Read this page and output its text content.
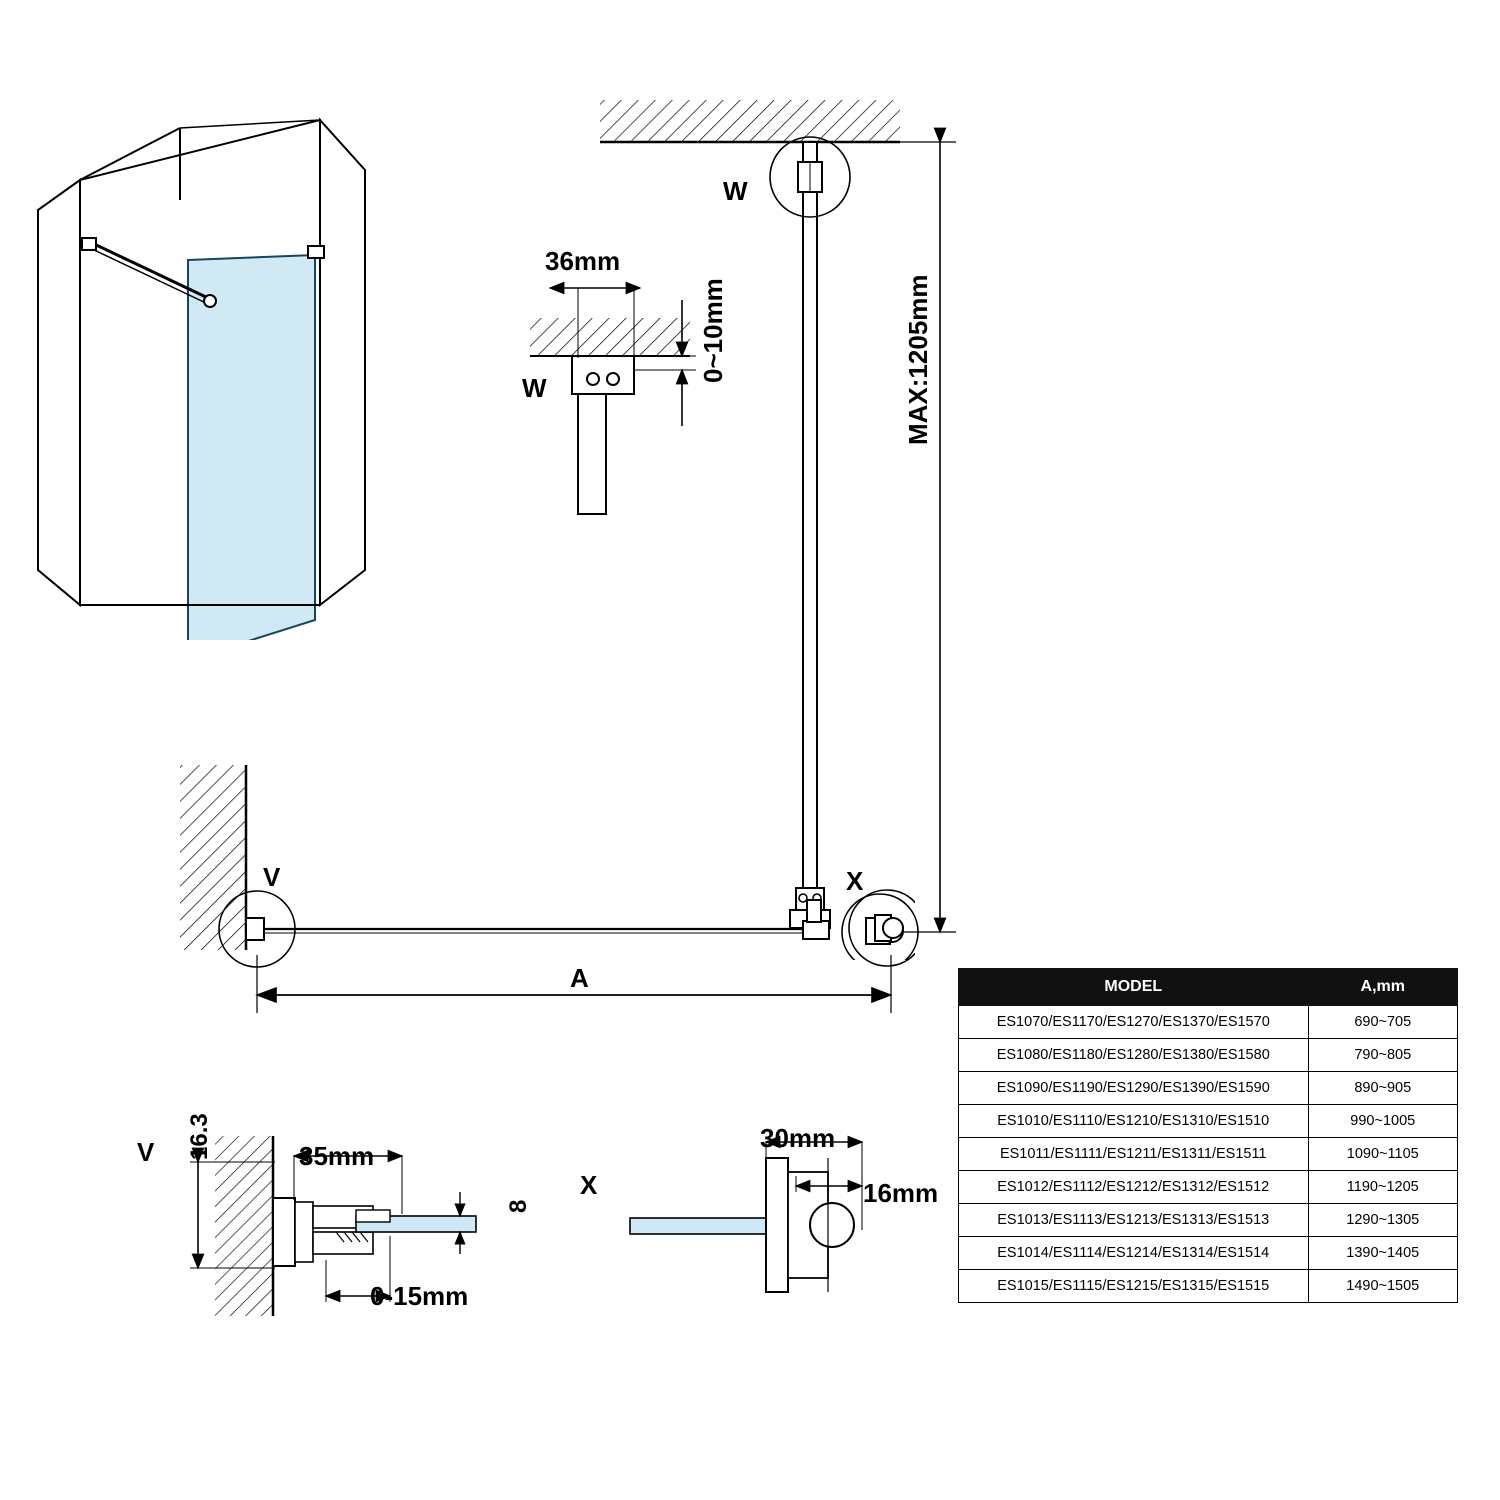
36mm
W
0~10mm
W
MAX:1205mm
X
V
A
V	35mm
16.3
0-15mm
8
X
30mm
16mm
MODEL	A,mm
ES1070/ES1170/ES1270/ES1370/ES1570	690~705
ES1080/ES1180/ES1280/ES1380/ES1580	790~805
ES1090/ES1190/ES1290/ES1390/ES1590	890~905
ES1010/ES1110/ES1210/ES1310/ES1510	990~1005
ES1011/ES1111/ES1211/ES1311/ES1511	1090~1105
ES1012/ES1112/ES1212/ES1312/ES1512	1190~1205
ES1013/ES1113/ES1213/ES1313/ES1513	1290~1305
ES1014/ES1114/ES1214/ES1314/ES1514	1390~1405
ES1015/ES1115/ES1215/ES1315/ES1515	1490~1505
